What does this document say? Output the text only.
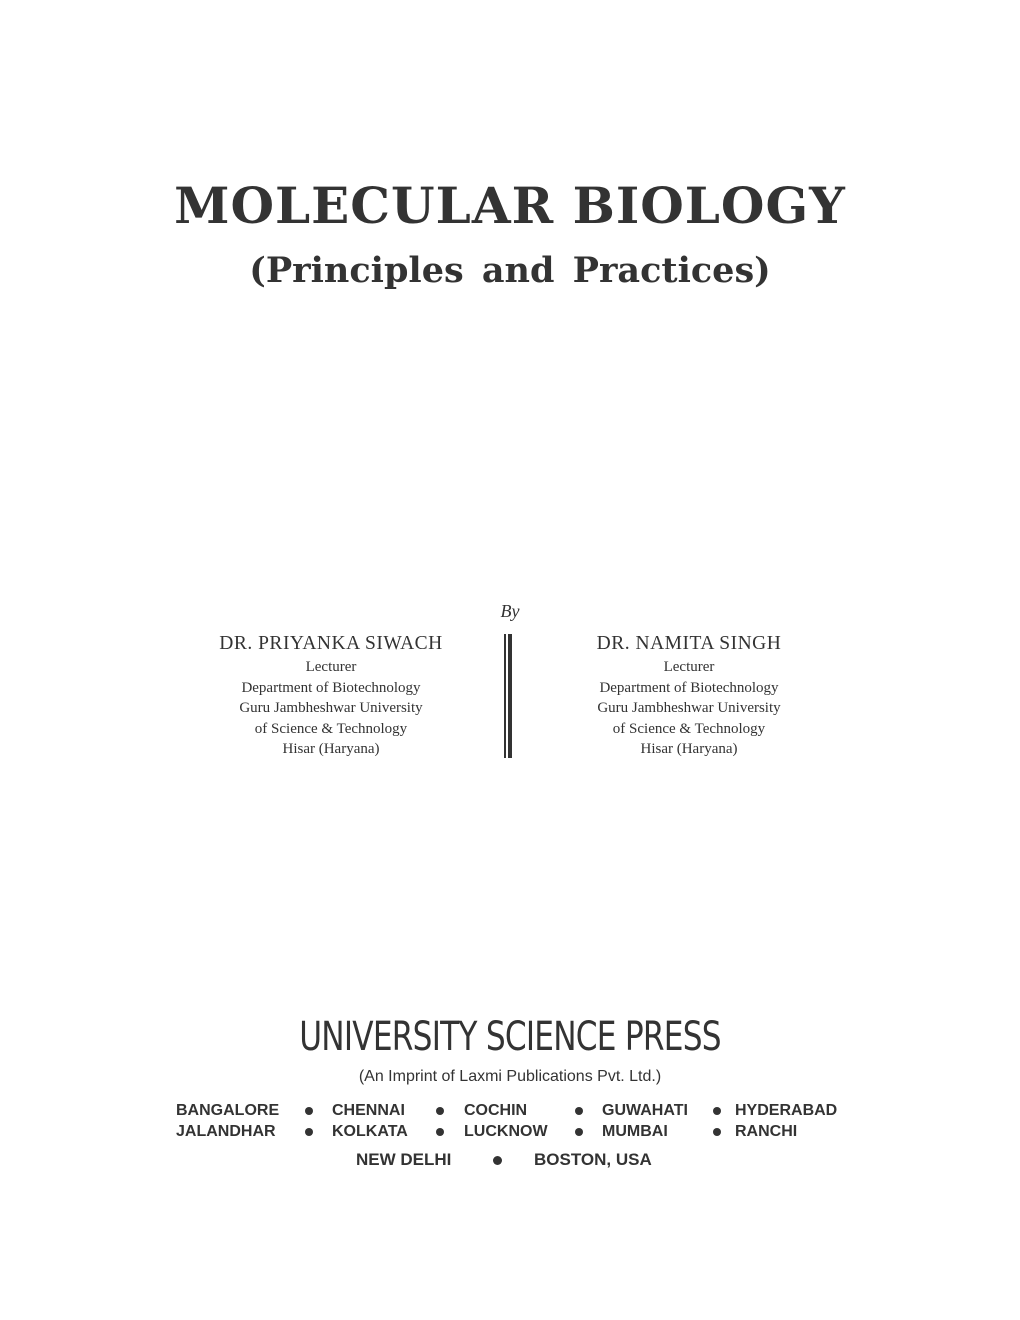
MOLECULAR BIOLOGY
(Principles and Practices)
By
DR. PRIYANKA SIWACH
Lecturer
Department of Biotechnology
Guru Jambheshwar University
of Science & Technology
Hisar (Haryana)
DR. NAMITA SINGH
Lecturer
Department of Biotechnology
Guru Jambheshwar University
of Science & Technology
Hisar (Haryana)
UNIVERSITY SCIENCE PRESS
(An Imprint of Laxmi Publications Pvt. Ltd.)
BANGALORE	CHENNAI	COCHIN	GUWAHATI	HYDERABAD
JALANDHAR	KOLKATA	LUCKNOW	MUMBAI	RANCHI
NEW DELHI	BOSTON, USA
